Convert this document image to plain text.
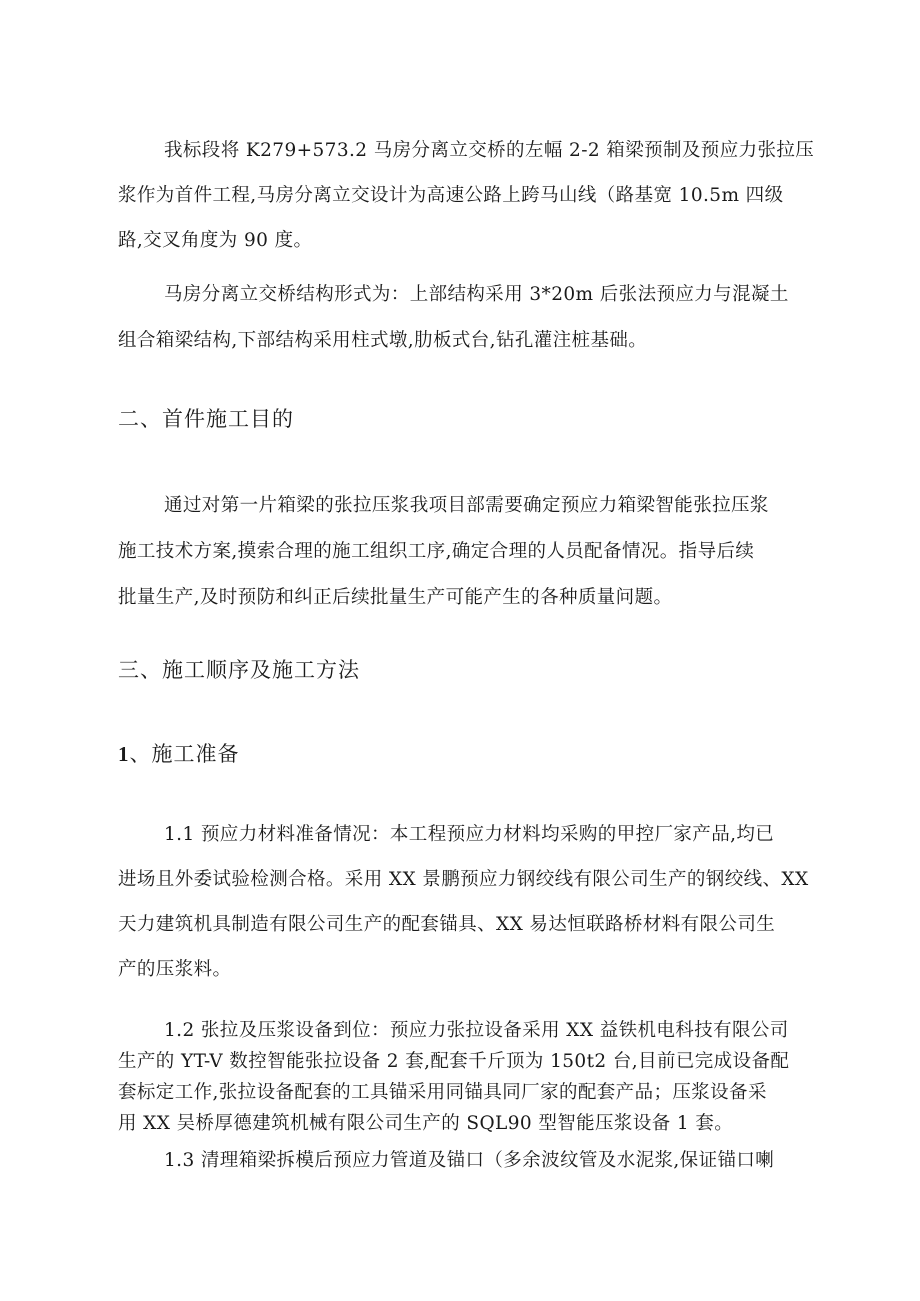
我标段将 K279+573.2 马房分离立交桥的左幅 2-2 箱梁预制及预应力张拉压
浆作为首件工程,马房分离立交设计为高速公路上跨马山线（路基宽 10.5m 四级
路,交叉角度为 90 度。
马房分离立交桥结构形式为：上部结构采用 3*20m 后张法预应力与混凝土
组合箱梁结构,下部结构采用柱式墩,肋板式台,钻孔灌注桩基础。
二、首件施工目的
通过对第一片箱梁的张拉压浆我项目部需要确定预应力箱梁智能张拉压浆
施工技术方案,摸索合理的施工组织工序,确定合理的人员配备情况。指导后续
批量生产,及时预防和纠正后续批量生产可能产生的各种质量问题。
三、施工顺序及施工方法
1、施工准备
1.1 预应力材料准备情况：本工程预应力材料均采购的甲控厂家产品,均已
进场且外委试验检测合格。采用 XX 景鹏预应力钢绞线有限公司生产的钢绞线、XX
天力建筑机具制造有限公司生产的配套锚具、XX 易达恒联路桥材料有限公司生
产的压浆料。
1.2 张拉及压浆设备到位：预应力张拉设备采用 XX 益铁机电科技有限公司
生产的 YT-V 数控智能张拉设备 2 套,配套千斤顶为 150t2 台,目前已完成设备配
套标定工作,张拉设备配套的工具锚采用同锚具同厂家的配套产品；压浆设备采
用 XX 吴桥厚德建筑机械有限公司生产的 SQL90 型智能压浆设备 1 套。
1.3 清理箱梁拆模后预应力管道及锚口（多余波纹管及水泥浆,保证锚口喇
